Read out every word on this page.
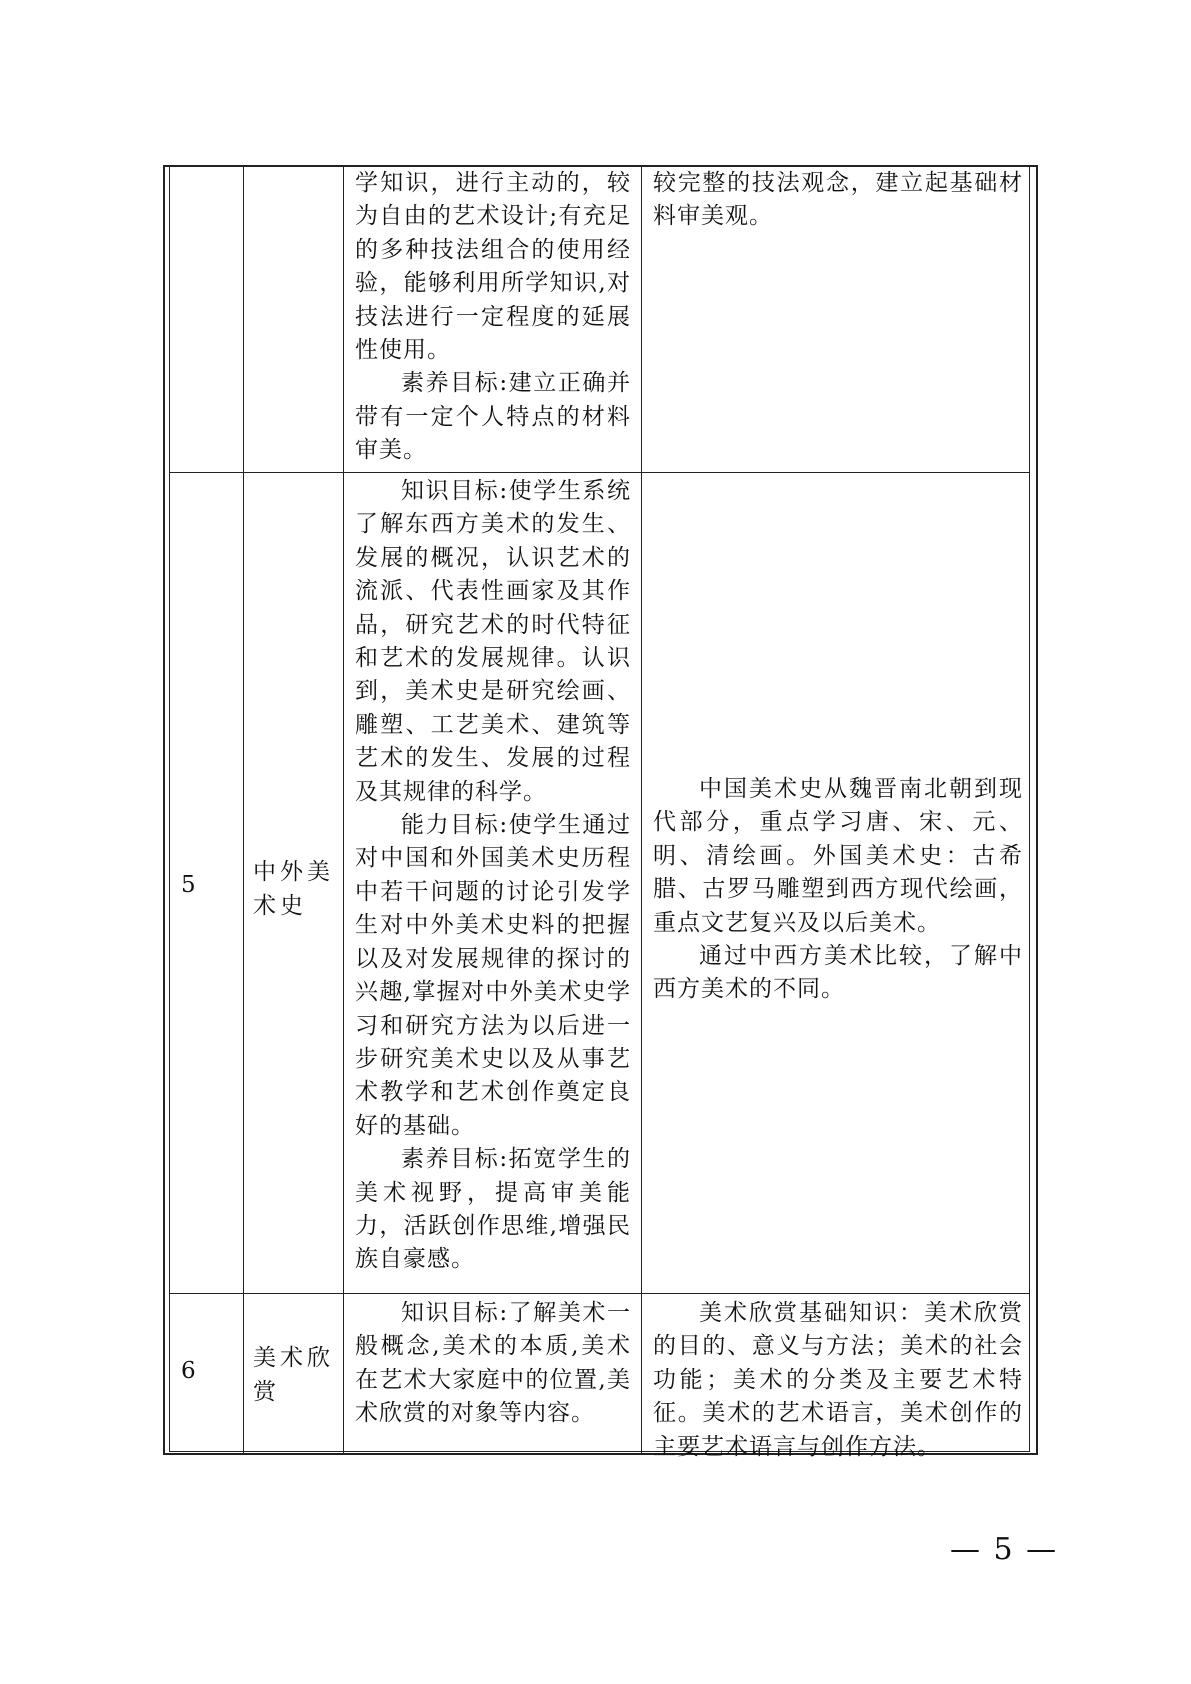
学知识，进行主动的，较为自由的艺术设计;有充足的多种技法组合的使用经验，能够利用所学知识,对技法进行一定程度的延展性使用。

素养目标:建立正确并带有一定个人特点的材料审美。

较完整的技法观念，建立起基础材料审美观。

5 中外美术史

知识目标:使学生系统了解东西方美术的发生、发展的概况，认识艺术的流派、代表性画家及其作品，研究艺术的时代特征和艺术的发展规律。认识到，美术史是研究绘画、雕塑、工艺美术、建筑等艺术的发生、发展的过程及其规律的科学。

能力目标:使学生通过对中国和外国美术史历程中若干问题的讨论引发学生对中外美术史料的把握以及对发展规律的探讨的兴趣,掌握对中外美术史学习和研究方法为以后进一步研究美术史以及从事艺术教学和艺术创作奠定良好的基础。

素养目标:拓宽学生的美术视野，提高审美能力，活跃创作思维,增强民族自豪感。

中国美术史从魏晋南北朝到现代部分，重点学习唐、宋、元、明、清绘画。外国美术史：古希腊、古罗马雕塑到西方现代绘画，重点文艺复兴及以后美术。

通过中西方美术比较，了解中西方美术的不同。

6 美术欣赏

知识目标:了解美术一般概念,美术的本质,美术在艺术大家庭中的位置,美术欣赏的对象等内容。

美术欣赏基础知识：美术欣赏的目的、意义与方法；美术的社会功能；美术的分类及主要艺术特征。美术的艺术语言，美术创作的主要艺术语言与创作方法。

— 5 —
